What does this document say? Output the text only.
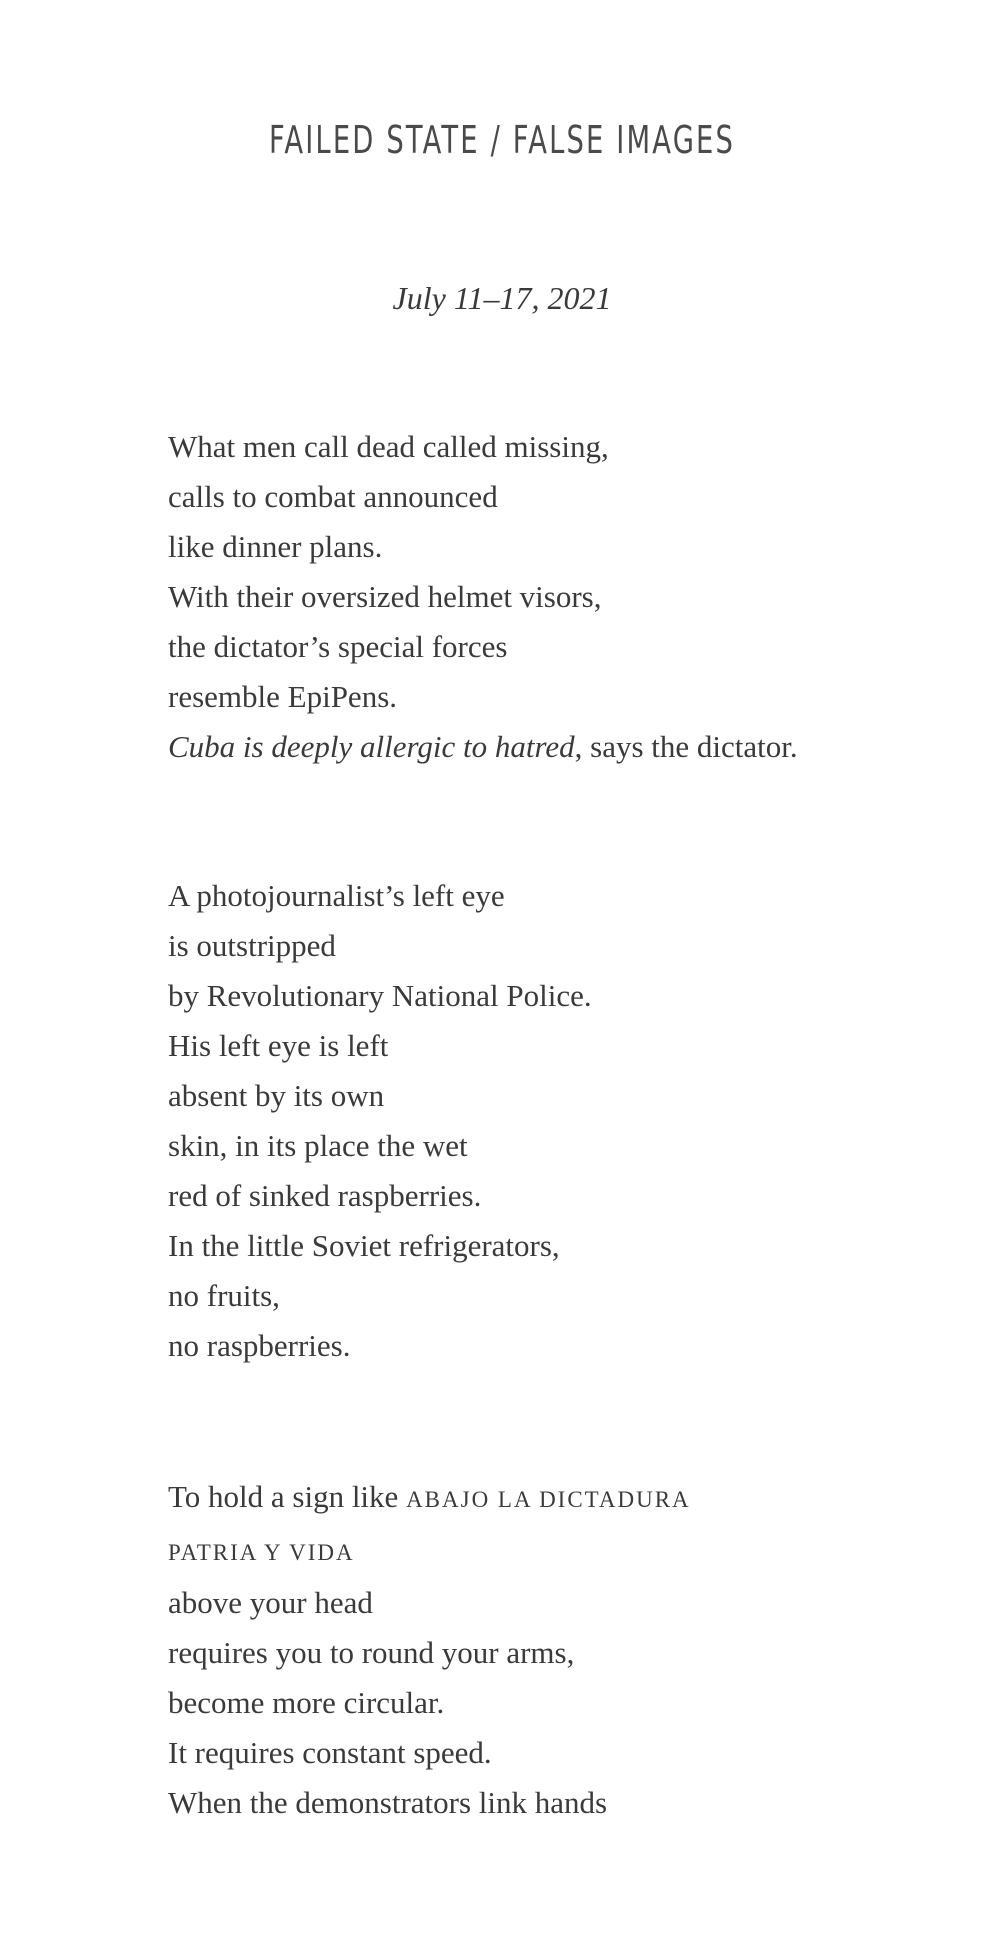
FAILED STATE / FALSE IMAGES
July 11–17, 2021
What men call dead called missing,
calls to combat announced
like dinner plans.
With their oversized helmet visors,
the dictator’s special forces
resemble EpiPens.
Cuba is deeply allergic to hatred, says the dictator.
A photojournalist’s left eye
is outstripped
by Revolutionary National Police.
His left eye is left
absent by its own
skin, in its place the wet
red of sinked raspberries.
In the little Soviet refrigerators,
no fruits,
no raspberries.
To hold a sign like ABAJO LA DICTADURA
PATRIA Y VIDA
above your head
requires you to round your arms,
become more circular.
It requires constant speed.
When the demonstrators link hands
